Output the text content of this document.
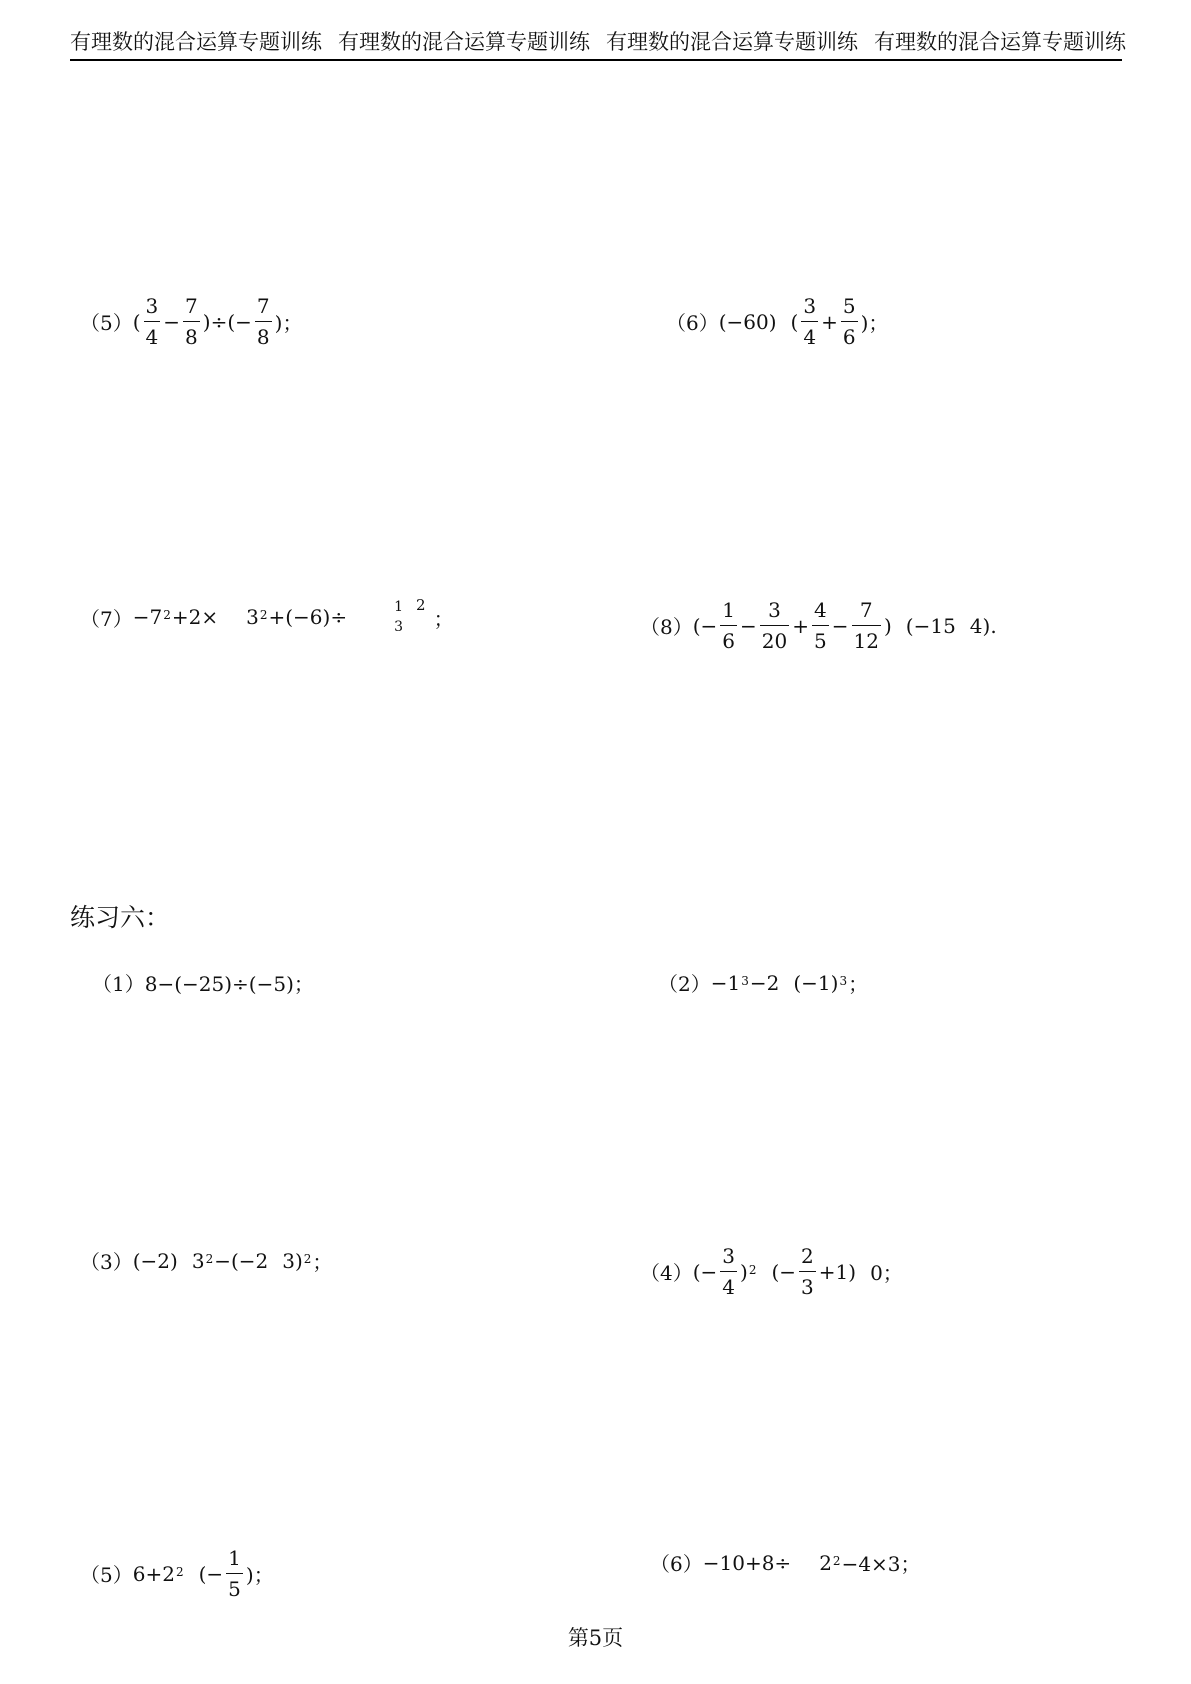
有理数的混合运算专题训练 有理数的混合运算专题训练 有理数的混合运算专题训练 有理数的混合运算专题训练
（5） ( $\frac{3}{4} - \frac{7}{8}$ )÷(− $\frac{7}{8}$ )；	（6） (−60) ( $\frac{3}{4} + \frac{5}{6}$ )；
（7） −7 2 +2× 3 2 +(−6)÷	1
3
2
；	（8） (− $\frac{1}{6} - \frac{3}{20} + \frac{4}{5} - \frac{7}{12}$ ) (−15 4).
练习六：
（1） 8−(−25)÷(−5)；	（2） −1 3 −2 (−1) 3 ；
（3） (−2) 3 2 −(−2 3) 2 ；	（4） (− $\frac{3}{4}$ ) 2 (− $\frac{2}{3} +1$) 0；
（5） 6+2 2 (− $\frac{1}{5}$ )；	（6） −10+8÷ 2 2 −4×3；
第5页
